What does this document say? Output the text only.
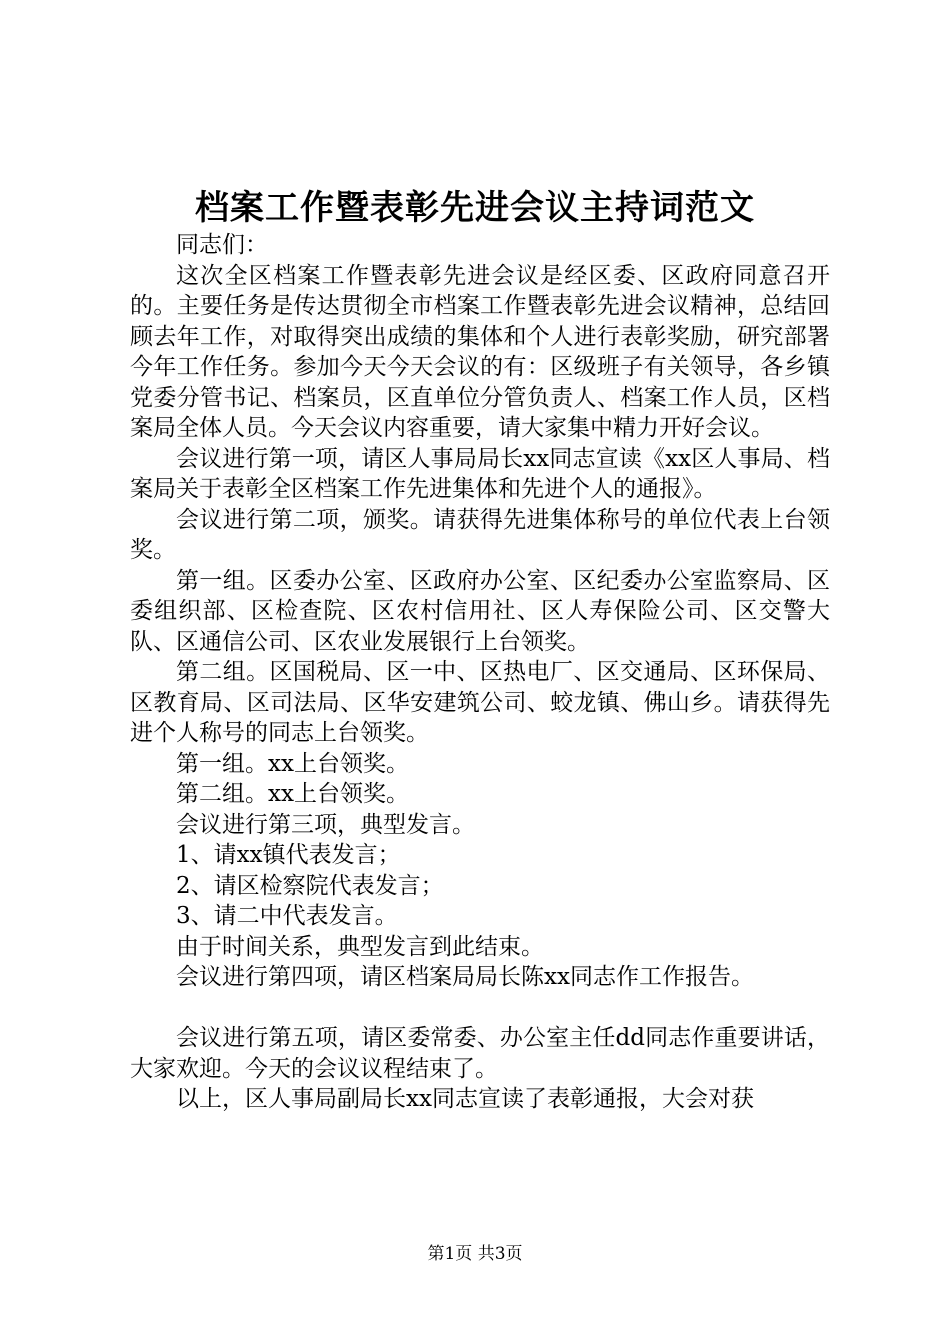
档案工作暨表彰先进会议主持词范文

同志们：

这次全区档案工作暨表彰先进会议是经区委、区政府同意召开的。主要任务是传达贯彻全市档案工作暨表彰先进会议精神，总结回顾去年工作，对取得突出成绩的集体和个人进行表彰奖励，研究部署今年工作任务。参加今天今天会议的有：区级班子有关领导，各乡镇党委分管书记、档案员，区直单位分管负责人、档案工作人员，区档案局全体人员。今天会议内容重要，请大家集中精力开好会议。

会议进行第一项，请区人事局局长xx同志宣读《xx区人事局、档案局关于表彰全区档案工作先进集体和先进个人的通报》。

会议进行第二项，颁奖。请获得先进集体称号的单位代表上台领奖。

第一组。区委办公室、区政府办公室、区纪委办公室监察局、区委组织部、区检查院、区农村信用社、区人寿保险公司、区交警大队、区通信公司、区农业发展银行上台领奖。

第二组。区国税局、区一中、区热电厂、区交通局、区环保局、区教育局、区司法局、区华安建筑公司、蛟龙镇、佛山乡。请获得先进个人称号的同志上台领奖。

第一组。xx上台领奖。

第二组。xx上台领奖。

会议进行第三项，典型发言。

1、请xx镇代表发言；

2、请区检察院代表发言；

3、请二中代表发言。

由于时间关系，典型发言到此结束。

会议进行第四项，请区档案局局长陈xx同志作工作报告。

会议进行第五项，请区委常委、办公室主任dd同志作重要讲话，大家欢迎。今天的会议议程结束了。

以上，区人事局副局长xx同志宣读了表彰通报，大会对获

第1页 共3页
